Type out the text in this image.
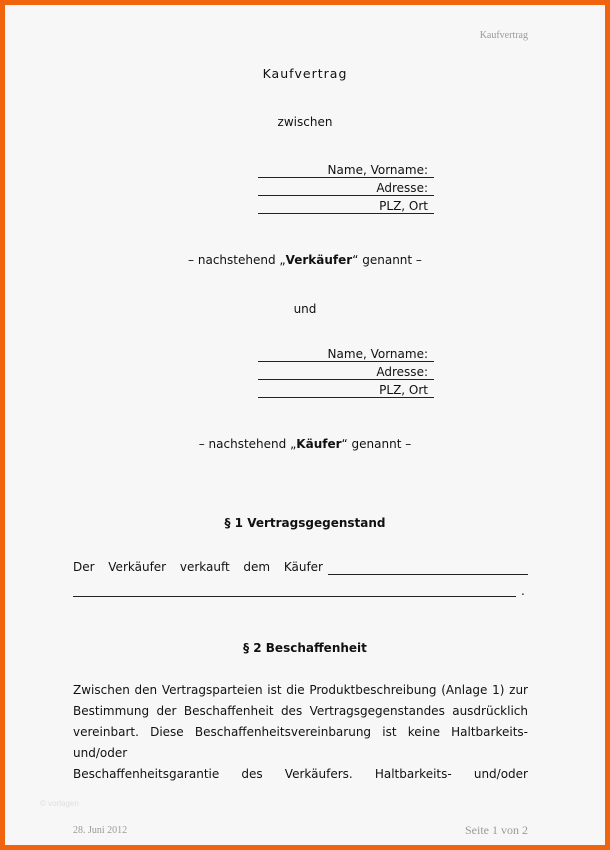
Kaufvertrag
Kaufvertrag
zwischen
Name, Vorname:
Adresse:
PLZ, Ort
– nachstehend „Verkäufer“ genannt –
und
Name, Vorname:
Adresse:
PLZ, Ort
– nachstehend „Käufer“ genannt –
§ 1 Vertragsgegenstand
Der Verkäufer verkauft dem Käufer
.
§ 2 Beschaffenheit
Zwischen den Vertragsparteien ist die Produktbeschreibung (Anlage 1) zur
Bestimmung der Beschaffenheit des Vertragsgegenstandes ausdrücklich
vereinbart. Diese Beschaffenheitsvereinbarung ist keine Haltbarkeits- und/oder
Beschaffenheitsgarantie des Verkäufers. Haltbarkeits- und/oder
© vorlagen
28. Juni 2012	Seite 1 von 2
